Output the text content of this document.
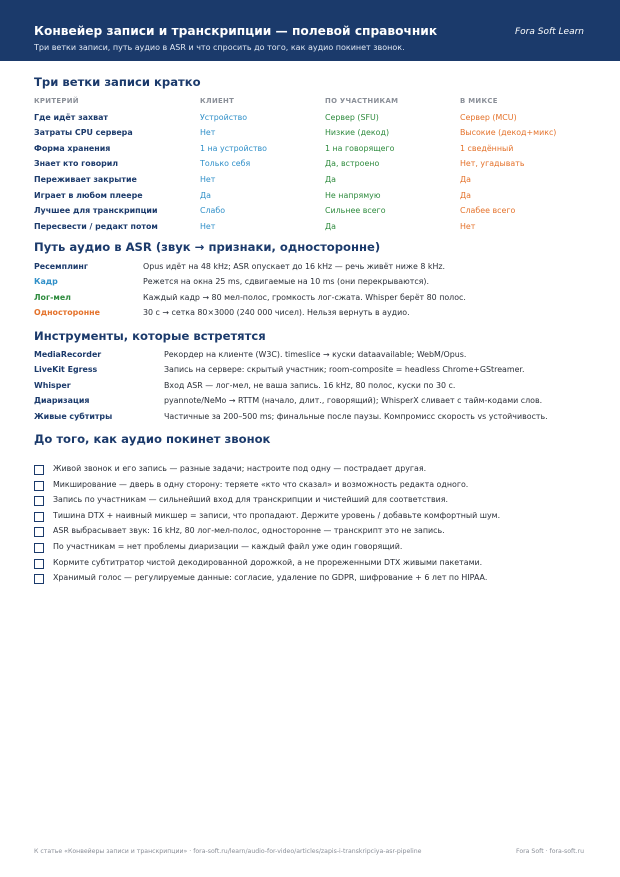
Конвейер записи и транскрипции — полевой справочник
Три ветки записи, путь аудио в ASR и что спросить до того, как аудио покинет звонок.
Fora Soft Learn
Три ветки записи кратко
КРИТЕРИЙ	КЛИЕНТ	ПО УЧАСТНИКАМ	В МИКСЕ
Где идёт захват	Устройство	Сервер (SFU)	Сервер (MCU)
Затраты CPU сервера	Нет	Низкие (декод)	Высокие (декод+микс)
Форма хранения	1 на устройство	1 на говорящего	1 сведённый
Знает кто говорил	Только себя	Да, встроено	Нет, угадывать
Переживает закрытие	Нет	Да	Да
Играет в любом плеере	Да	Не напрямую	Да
Лучшее для транскрипции	Слабо	Сильнее всего	Слабее всего
Пересвести / редакт потом	Нет	Да	Нет
Путь аудио в ASR (звук → признаки, односторонне)
Ресемплинг	Opus идёт на 48 kHz; ASR опускает до 16 kHz — речь живёт ниже 8 kHz.
Кадр	Режется на окна 25 ms, сдвигаемые на 10 ms (они перекрываются).
Лог-мел	Каждый кадр → 80 мел-полос, громкость лог-сжата. Whisper берёт 80 полос.
Односторонне	30 с → сетка 80×3000 (240 000 чисел). Нельзя вернуть в аудио.
Инструменты, которые встретятся
MediaRecorder	Рекордер на клиенте (W3C). timeslice → куски dataavailable; WebM/Opus.
LiveKit Egress	Запись на сервере: скрытый участник; room-composite = headless Chrome+GStreamer.
Whisper	Вход ASR — лог-мел, не ваша запись. 16 kHz, 80 полос, куски по 30 с.
Диаризация	pyannote/NeMo → RTTM (начало, длит., говорящий); WhisperX сливает с тайм-кодами слов.
Живые субтитры	Частичные за 200–500 ms; финальные после паузы. Компромисс скорость vs устойчивость.
До того, как аудио покинет звонок
Живой звонок и его запись — разные задачи; настроите под одну — пострадает другая.
Микширование — дверь в одну сторону: теряете «кто что сказал» и возможность редакта одного.
Запись по участникам — сильнейший вход для транскрипции и чистейший для соответствия.
Тишина DTX + наивный микшер = записи, что пропадают. Держите уровень / добавьте комфортный шум.
ASR выбрасывает звук: 16 kHz, 80 лог-мел-полос, одностороннe — транскрипт это не запись.
По участникам = нет проблемы диаризации — каждый файл уже один говорящий.
Кормите субтитратор чистой декодированной дорожкой, а не прореженными DTX живыми пакетами.
Хранимый голос — регулируемые данные: согласие, удаление по GDPR, шифрование + 6 лет по HIPAA.
К статье «Конвейеры записи и транскрипции» · fora-soft.ru/learn/audio-for-video/articles/zapis-i-transkripciya-asr-pipeline	Fora Soft · fora-soft.ru
